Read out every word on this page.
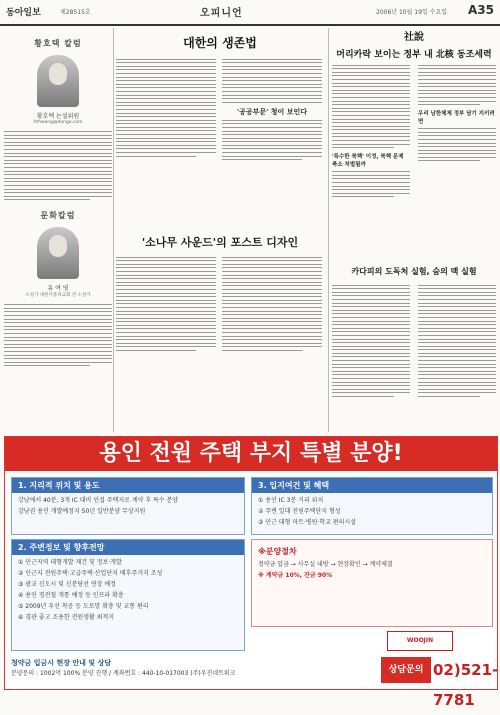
동아일보	제28515호	오피니언	2006년 10월 19일 수요일 A35
황호택 칼럼
황호택 논설위원
hthwang@donga.com
문화칼럼
유 여 영
소설가 대한가톨릭교회 전 소설가
대한의 생존법
'공공부문' 청이 보인다
'소나무 사운드'의 포스트 디자인
社說
머리카락 보이는 정부 내 北核 동조세력
'특수한 북핵' 이정, 북핵 문제 축소 처벌될까
우리 남한체제 정부 담기 지키려면
카다피의 도독처 실험, 숨의 맥 실험
용인 전원 주택 부지 특별 분양!
1. 지리적 위치 및 용도
강남에서 40분, 3개 IC 대비 인접 주택지로 계약 후 특수 분양
강남권 용인 개발예정지 50년 일반분양 무상지원
2. 주변정보 및 향후전망
① 인근지역 대형개발 재건 및 정보·개발
② 인근지 전원주택·고급주택·산업단지 배후주거지 조성
③ 광교 신도시 및 신분당선 연장 예정
④ 용인 경전철 개통 예정 등 인프라 확충
⑤ 2009년 우선 착공 등 도로망 확충 및 교통 편리
⑥ 경관 좋고 조용한 전원생활 최적지
3. 입지여건 및 혜택
① 용인 IC 3분 거리 위치
② 주변 일대 전원주택단지 형성
③ 인근 대형 마트·병원·학교 편의시설
※분양절차
청약금 입금 → 사무실 내방 → 현장확인 → 계약체결
※ 계약금 10%, 잔금 90%
WOOJIN
청약금 입금시 현장 안내 및 상담
분양문의 : 1002억 100% 분양 진행 / 계좌번호 : 440-10-017003 (주)우진네트워크	상담문의 02)521-7781
